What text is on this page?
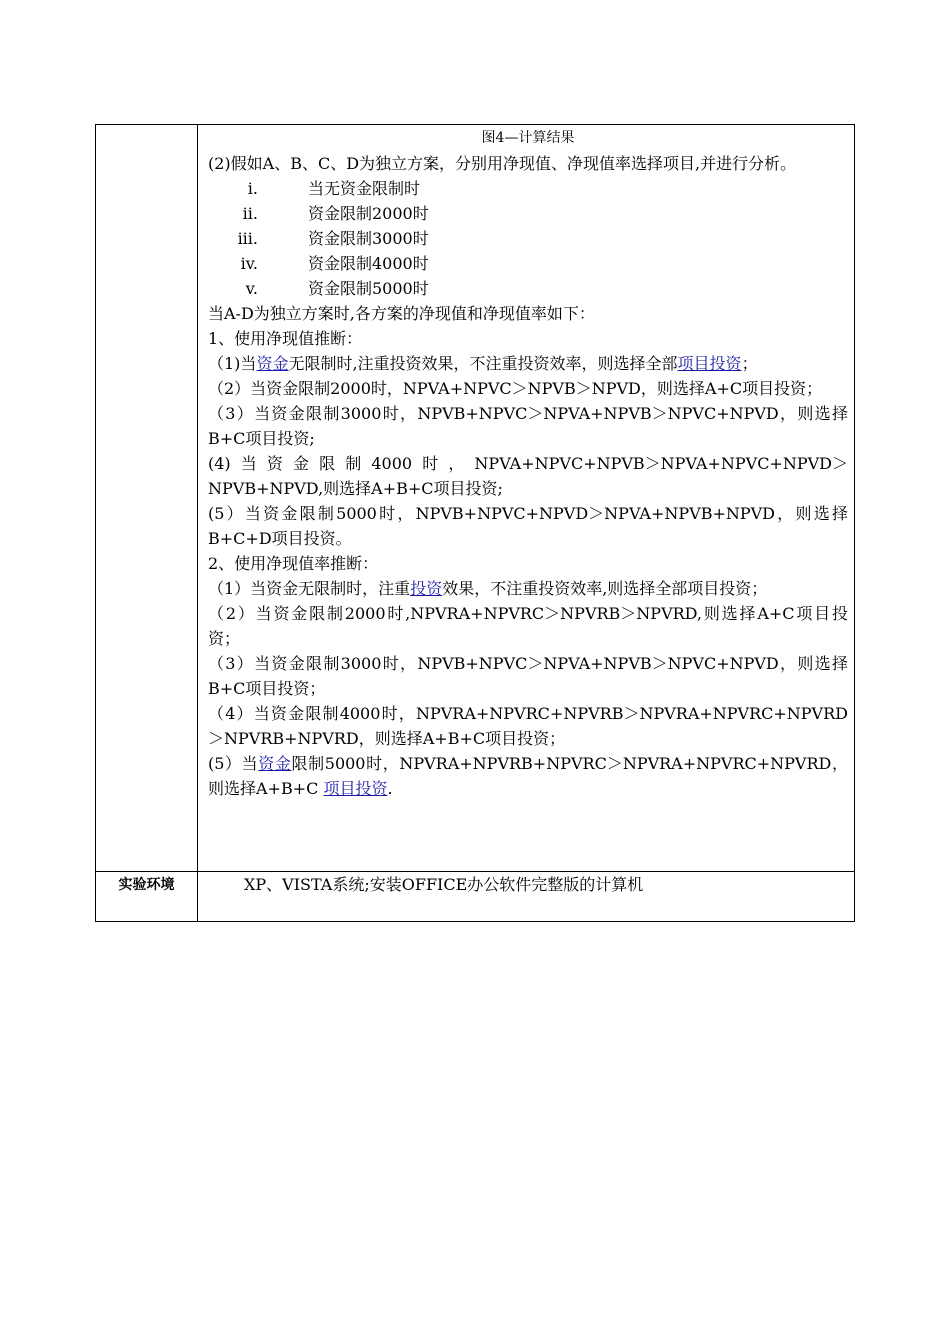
图4—计算结果
(2)假如A、B、C、D为独立方案，分别用净现值、净现值率选择项目,并进行分析。
i.	当无资金限制时
ii.	资金限制2000时
iii.	资金限制3000时
iv.	资金限制4000时
v.	资金限制5000时
当A-D为独立方案时,各方案的净现值和净现值率如下：
1、使用净现值推断：
（1)当资金无限制时,注重投资效果，不注重投资效率，则选择全部项目投资；
（2）当资金限制2000时，NPVA+NPVC＞NPVB＞NPVD，则选择A+C项目投资；
（3）当资金限制3000时，NPVB+NPVC＞NPVA+NPVB＞NPVC+NPVD，则选择B+C项目投资;
(4)当资金限制4000时，NPVA+NPVC+NPVB＞NPVA+NPVC+NPVD＞NPVB+NPVD,则选择A+B+C项目投资;
(5）当资金限制5000时，NPVB+NPVC+NPVD＞NPVA+NPVB+NPVD，则选择B+C+D项目投资。
2、使用净现值率推断：
（1）当资金无限制时，注重投资效果，不注重投资效率,则选择全部项目投资；
（2）当资金限制2000时,NPVRA+NPVRC＞NPVRB＞NPVRD,则选择A+C项目投资；
（3）当资金限制3000时，NPVB+NPVC＞NPVA+NPVB＞NPVC+NPVD，则选择B+C项目投资；
（4）当资金限制4000时，NPVRA+NPVRC+NPVRB＞NPVRA+NPVRC+NPVRD＞NPVRB+NPVRD，则选择A+B+C项目投资；
(5）当资金限制5000时，NPVRA+NPVRB+NPVRC＞NPVRA+NPVRC+NPVRD，则选择A+B+C 项目投资.
实验环境	XP、VISTA系统;安装OFFICE办公软件完整版的计算机
